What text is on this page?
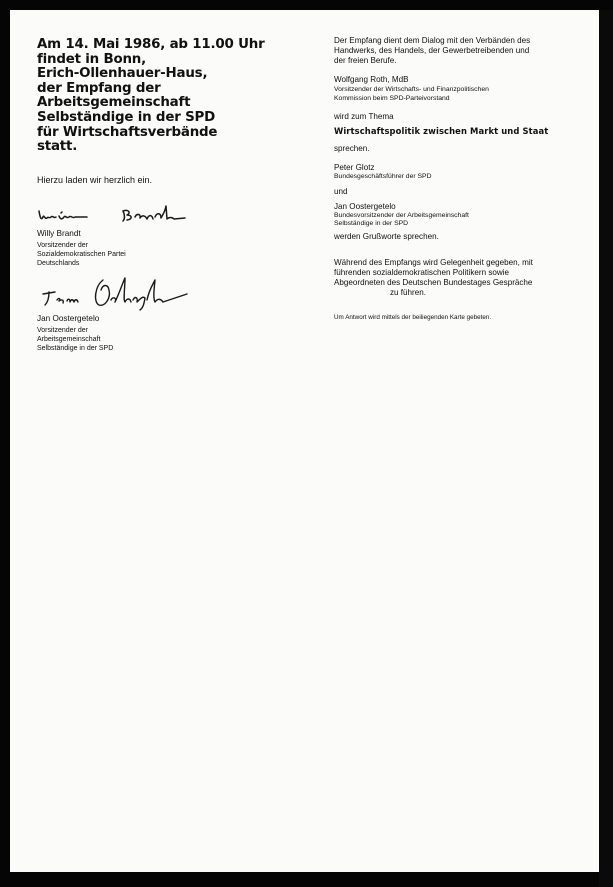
Am 14. Mai 1986, ab 11.00 Uhr
findet in Bonn,
Erich-Ollenhauer-Haus,
der Empfang der
Arbeitsgemeinschaft
Selbständige in der SPD
für Wirtschaftsverbände
statt.
Hierzu laden wir herzlich ein.
Willy Brandt
Vorsitzender der
Sozialdemokratischen Partei
Deutschlands
Jan Oostergetelo
Vorsitzender der
Arbeitsgemeinschaft
Selbständige in der SPD

Der Empfang dient dem Dialog mit den Verbänden des
Handwerks, des Handels, der Gewerbetreibenden und
der freien Berufe.

Wolfgang Roth, MdB
Vorsitzender der Wirtschafts- und Finanzpolitischen
Kommission beim SPD-Parteivorstand
wird zum Thema
Wirtschaftspolitik zwischen Markt und Staat
sprechen.
Peter Glotz
Bundesgeschäftsführer der SPD
und
Jan Oostergetelo
Bundesvorsitzender der Arbeitsgemeinschaft
Selbständige in der SPD
werden Grußworte sprechen.

Während des Empfangs wird Gelegenheit gegeben, mit
führenden sozialdemokratischen Politikern sowie
Abgeordneten des Deutschen Bundestages Gespräche
zu führen.

Um Antwort wird mittels der beiliegenden Karte gebeten.
